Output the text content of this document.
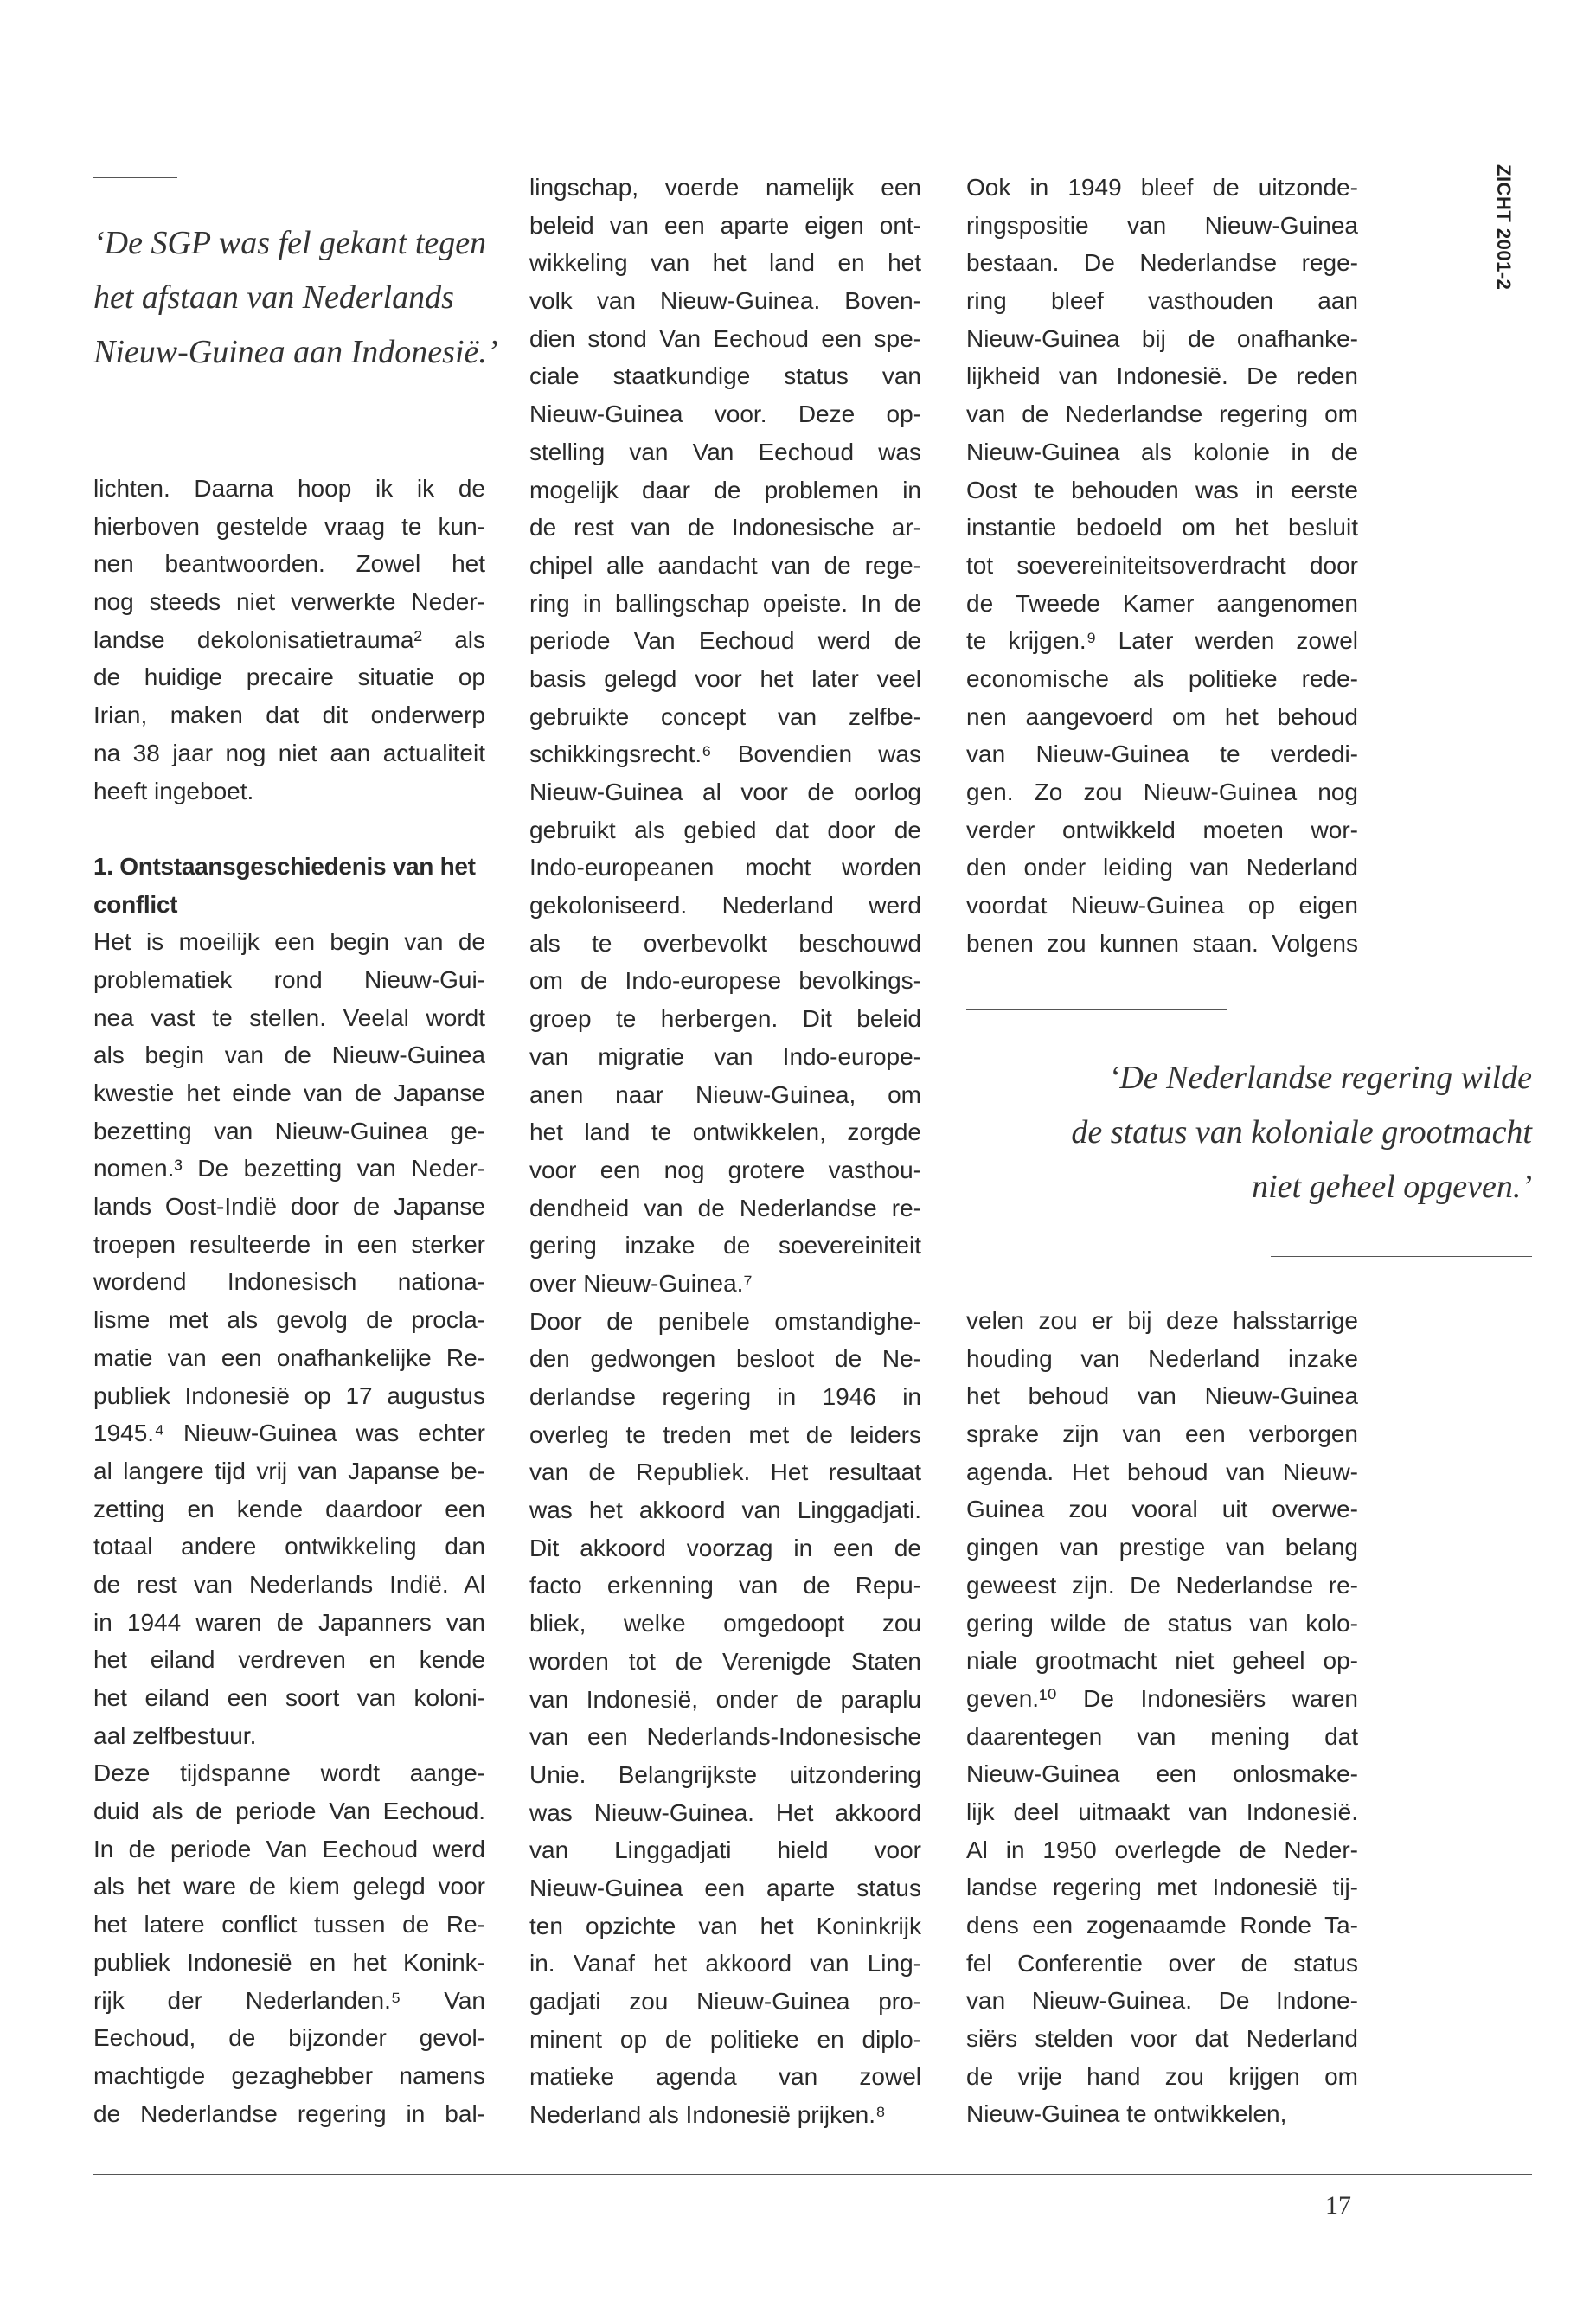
ZICHT 2001-2
‘De SGP was fel gekant tegen
het afstaan van Nederlands
Nieuw-Guinea aan Indonesië.’
lichten. Daarna hoop ik ik de
hierboven gestelde vraag te kun-
nen beantwoorden. Zowel het
nog steeds niet verwerkte Neder-
landse dekolonisatietrauma² als
de huidige precaire situatie op
Irian, maken dat dit onderwerp
na 38 jaar nog niet aan actualiteit
heeft ingeboet.
1. Ontstaansgeschiedenis van het
conflict
Het is moeilijk een begin van de
problematiek rond Nieuw-Gui-
nea vast te stellen. Veelal wordt
als begin van de Nieuw-Guinea
kwestie het einde van de Japanse
bezetting van Nieuw-Guinea ge-
nomen.³ De bezetting van Neder-
lands Oost-Indië door de Japanse
troepen resulteerde in een sterker
wordend Indonesisch nationa-
lisme met als gevolg de procla-
matie van een onafhankelijke Re-
publiek Indonesië op 17 augustus
1945.⁴ Nieuw-Guinea was echter
al langere tijd vrij van Japanse be-
zetting en kende daardoor een
totaal andere ontwikkeling dan
de rest van Nederlands Indië. Al
in 1944 waren de Japanners van
het eiland verdreven en kende
het eiland een soort van koloni-
aal zelfbestuur.
Deze tijdspanne wordt aange-
duid als de periode Van Eechoud.
In de periode Van Eechoud werd
als het ware de kiem gelegd voor
het latere conflict tussen de Re-
publiek Indonesië en het Konink-
rijk der Nederlanden.⁵ Van
Eechoud, de bijzonder gevol-
machtigde gezaghebber namens
de Nederlandse regering in bal-
lingschap, voerde namelijk een
beleid van een aparte eigen ont-
wikkeling van het land en het
volk van Nieuw-Guinea. Boven-
dien stond Van Eechoud een spe-
ciale staatkundige status van
Nieuw-Guinea voor. Deze op-
stelling van Van Eechoud was
mogelijk daar de problemen in
de rest van de Indonesische ar-
chipel alle aandacht van de rege-
ring in ballingschap opeiste. In de
periode Van Eechoud werd de
basis gelegd voor het later veel
gebruikte concept van zelfbe-
schikkingsrecht.⁶ Bovendien was
Nieuw-Guinea al voor de oorlog
gebruikt als gebied dat door de
Indo-europeanen mocht worden
gekoloniseerd. Nederland werd
als te overbevolkt beschouwd
om de Indo-europese bevolkings-
groep te herbergen. Dit beleid
van migratie van Indo-europe-
anen naar Nieuw-Guinea, om
het land te ontwikkelen, zorgde
voor een nog grotere vasthou-
dendheid van de Nederlandse re-
gering inzake de soevereiniteit
over Nieuw-Guinea.⁷
Door de penibele omstandighe-
den gedwongen besloot de Ne-
derlandse regering in 1946 in
overleg te treden met de leiders
van de Republiek. Het resultaat
was het akkoord van Linggadjati.
Dit akkoord voorzag in een de
facto erkenning van de Repu-
bliek, welke omgedoopt zou
worden tot de Verenigde Staten
van Indonesië, onder de paraplu
van een Nederlands-Indonesische
Unie. Belangrijkste uitzondering
was Nieuw-Guinea. Het akkoord
van Linggadjati hield voor
Nieuw-Guinea een aparte status
ten opzichte van het Koninkrijk
in. Vanaf het akkoord van Ling-
gadjati zou Nieuw-Guinea pro-
minent op de politieke en diplo-
matieke agenda van zowel
Nederland als Indonesië prijken.⁸
Ook in 1949 bleef de uitzonde-
ringspositie van Nieuw-Guinea
bestaan. De Nederlandse rege-
ring bleef vasthouden aan
Nieuw-Guinea bij de onafhanke-
lijkheid van Indonesië. De reden
van de Nederlandse regering om
Nieuw-Guinea als kolonie in de
Oost te behouden was in eerste
instantie bedoeld om het besluit
tot soevereiniteitsoverdracht door
de Tweede Kamer aangenomen
te krijgen.⁹ Later werden zowel
economische als politieke rede-
nen aangevoerd om het behoud
van Nieuw-Guinea te verdedi-
gen. Zo zou Nieuw-Guinea nog
verder ontwikkeld moeten wor-
den onder leiding van Nederland
voordat Nieuw-Guinea op eigen
benen zou kunnen staan. Volgens
‘De Nederlandse regering wilde
de status van koloniale grootmacht
niet geheel opgeven.’
velen zou er bij deze halsstarrige
houding van Nederland inzake
het behoud van Nieuw-Guinea
sprake zijn van een verborgen
agenda. Het behoud van Nieuw-
Guinea zou vooral uit overwe-
gingen van prestige van belang
geweest zijn. De Nederlandse re-
gering wilde de status van kolo-
niale grootmacht niet geheel op-
geven.¹⁰ De Indonesiërs waren
daarentegen van mening dat
Nieuw-Guinea een onlosmake-
lijk deel uitmaakt van Indonesië.
Al in 1950 overlegde de Neder-
landse regering met Indonesië tij-
dens een zogenaamde Ronde Ta-
fel Conferentie over de status
van Nieuw-Guinea. De Indone-
siërs stelden voor dat Nederland
de vrije hand zou krijgen om
Nieuw-Guinea te ontwikkelen,
17
